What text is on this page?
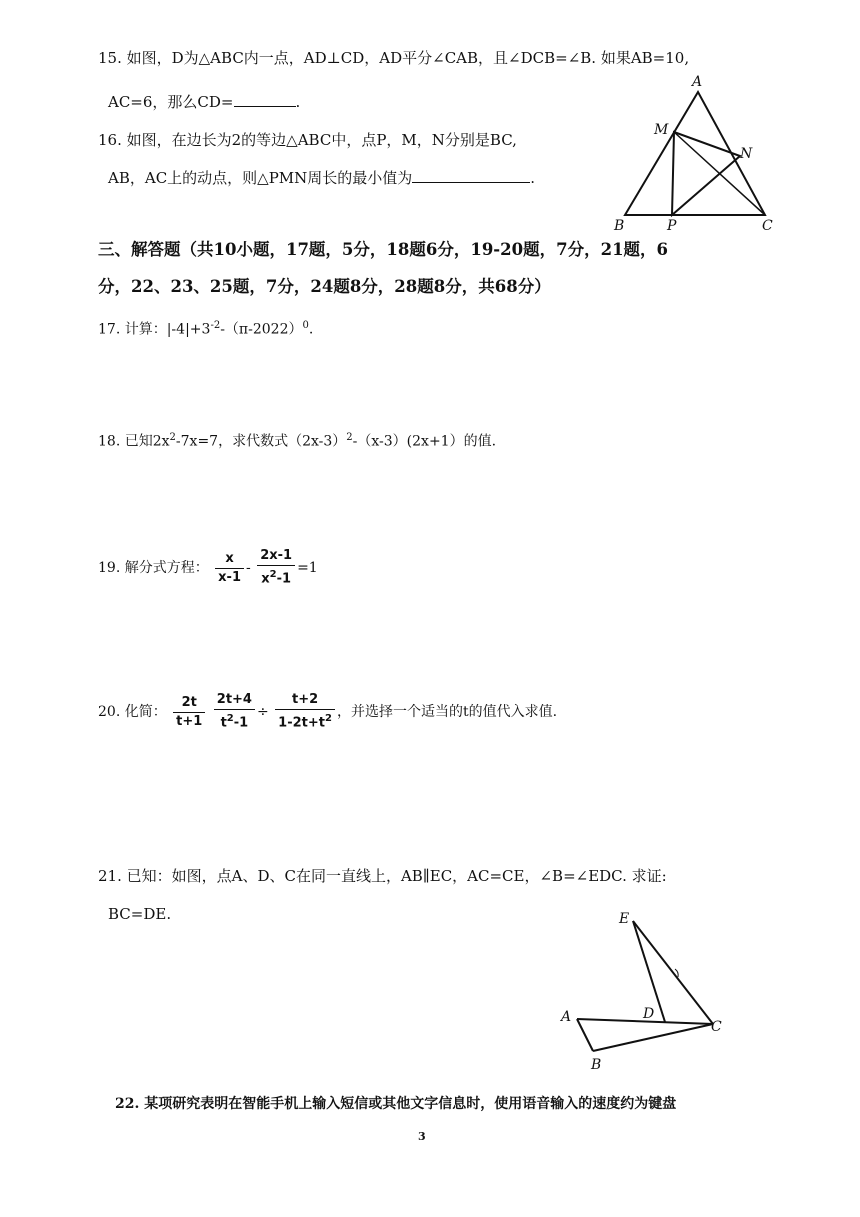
15. 如图，D为△ABC内一点，AD⊥CD，AD平分∠CAB，且∠DCB=∠B. 如果AB=10,
AC=6，那么CD=	.
16. 如图，在边长为2的等边△ABC中，点P，M，N分别是BC,
AB，AC上的动点，则△PMN周长的最小值为	.
A
M
N
B	P	C
三、解答题（共10小题，17题，5分，18题6分，19-20题，7分，21题，6
分，22、23、25题，7分，24题8分，28题8分，共68分）
17. 计算：$|-4|+3^{-2}-(\pi-2022)^0$.
18. 已知$2x^2-7x=7$，求代数式$(2x-3)^2-(x-3)(2x+1)$的值.
19. 解分式方程： $\frac{x}{x-1} - \frac{2x-1}{x^2-1} =1$
20. 化简： $\frac{2t}{t+1}$
$\frac{2t+4}{t^2-1} \div \frac{t+2}{1-2t+t^2}$ ，并选择一个适当的t的值代入求值.
21. 已知：如图，点A、D、C在同一直线上，AB∥EC，AC=CE，∠B=∠EDC. 求证:
BC=DE.	E
A	D
C
B
22. 某项研究表明在智能手机上输入短信或其他文字信息时，使用语音输入的速度约为键盘
3
